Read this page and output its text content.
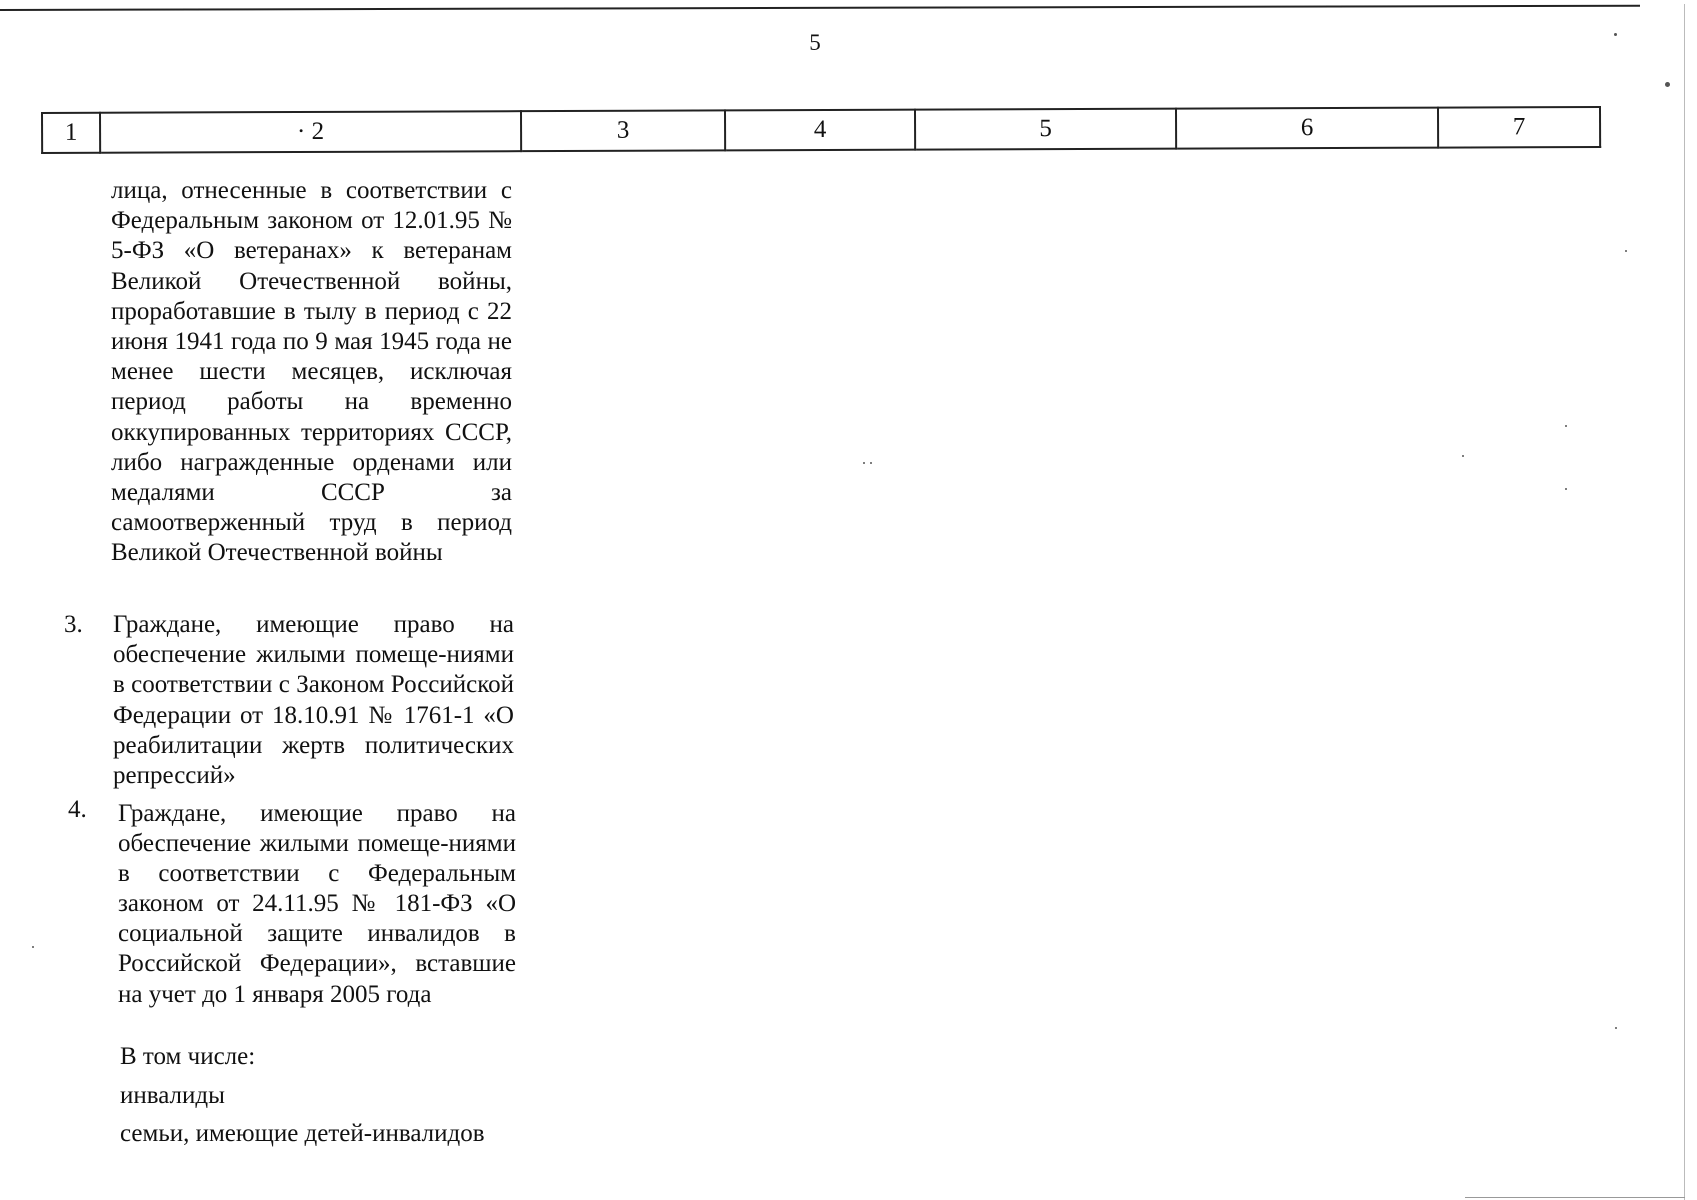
5
1	· 2	3	4	5	6	7
лица, отнесенные в соответствии с Федеральным законом от 12.01.95 № 5-ФЗ «О ветеранах» к ветеранам Великой Отечественной войны, проработавшие в тылу в период с 22 июня 1941 года по 9 мая 1945 года не менее шести месяцев, исключая период работы на временно оккупированных территориях СССР, либо награжденные орденами или медалями СССР за самоотверженный труд в период Великой Отечественной войны
3. Граждане, имеющие право на обеспечение жилыми помеще-ниями в соответствии с Законом Российской Федерации от 18.10.91 № 1761-1 «О реабилитации жертв политических репрессий»
4. Граждане, имеющие право на обеспечение жилыми помеще-ниями в соответствии с Федеральным законом от 24.11.95 № 181-ФЗ «О социальной защите инвалидов в Российской Федерации», вставшие на учет до 1 января 2005 года
В том числе:
инвалиды
семьи, имеющие детей-инвалидов
